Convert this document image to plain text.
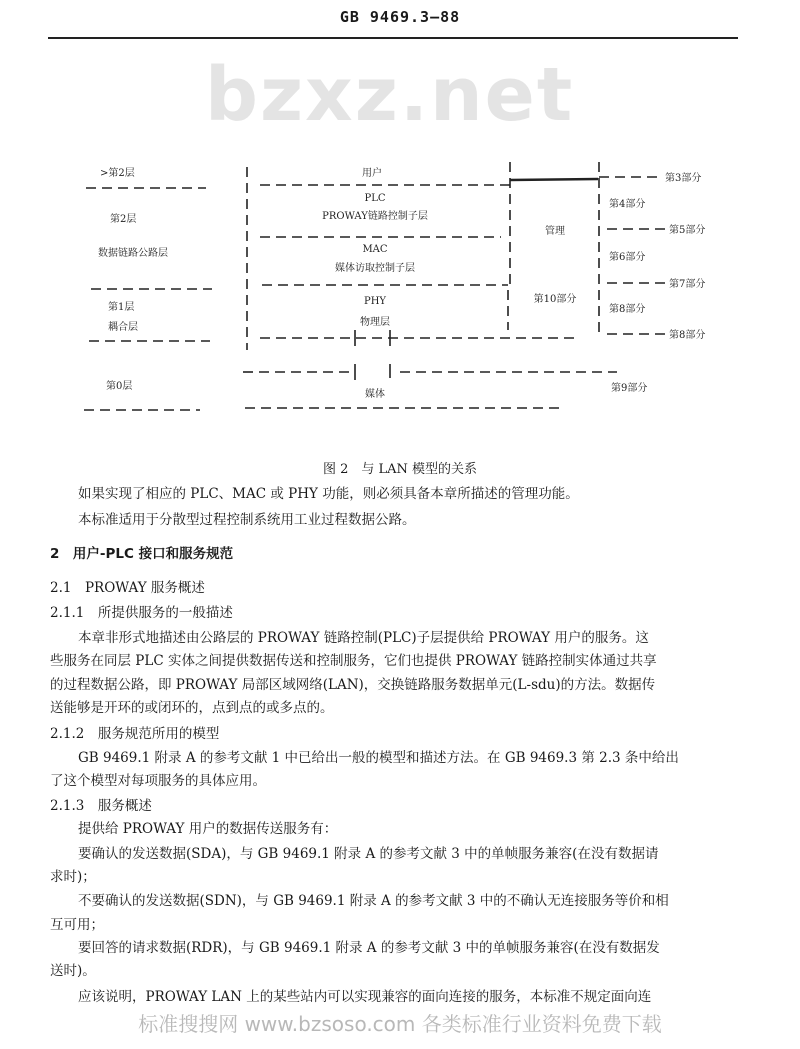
GB 9469.3—88
bzxz.net
>第2层
第2层
数据链路公路层
第1层
耦合层
第0层
用户
PLC
PROWAY链路控制子层
MAC
媒体访取控制子层
PHY
物理层
媒体
管理
第10部分
第3部分
第4部分
第5部分
第6部分
第7部分
第8部分
第8部分
第9部分
图 2　与 LAN 模型的关系
如果实现了相应的 PLC、MAC 或 PHY 功能，则必须具备本章所描述的管理功能。
本标准适用于分散型过程控制系统用工业过程数据公路。
2　用户-PLC 接口和服务规范
2.1　PROWAY 服务概述
2.1.1　所提供服务的一般描述
本章非形式地描述由公路层的 PROWAY 链路控制(PLC)子层提供给 PROWAY 用户的服务。这
些服务在同层 PLC 实体之间提供数据传送和控制服务，它们也提供 PROWAY 链路控制实体通过共享
的过程数据公路，即 PROWAY 局部区域网络(LAN)，交换链路服务数据单元(L-sdu)的方法。数据传
送能够是开环的或闭环的，点到点的或多点的。
2.1.2　服务规范所用的模型
GB 9469.1 附录 A 的参考文献 1 中已给出一般的模型和描述方法。在 GB 9469.3 第 2.3 条中给出
了这个模型对每项服务的具体应用。
2.1.3　服务概述
提供给 PROWAY 用户的数据传送服务有：
要确认的发送数据(SDA)，与 GB 9469.1 附录 A 的参考文献 3 中的单帧服务兼容(在没有数据请
求时)；
不要确认的发送数据(SDN)，与 GB 9469.1 附录 A 的参考文献 3 中的不确认无连接服务等价和相
互可用；
要回答的请求数据(RDR)，与 GB 9469.1 附录 A 的参考文献 3 中的单帧服务兼容(在没有数据发
送时)。
应该说明，PROWAY LAN 上的某些站内可以实现兼容的面向连接的服务，本标准不规定面向连
标准搜搜网 www.bzsoso.com 各类标准行业资料免费下载
